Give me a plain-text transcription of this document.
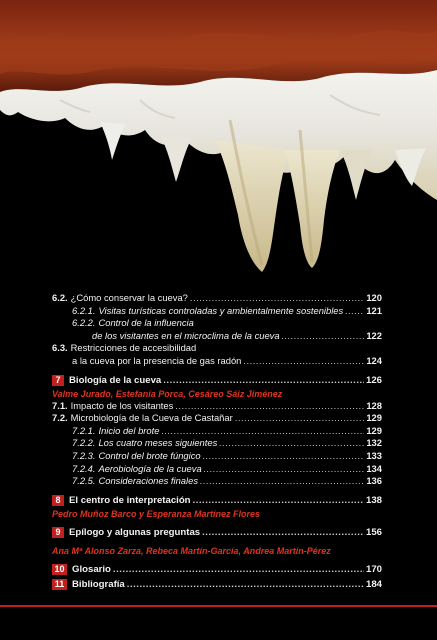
6.2. ¿Cómo conservar la cueva? .....	120
6.2.1. Visitas turísticas controladas y ambientalmente sostenibles ..... 121
6.2.2. Control de la influencia
de los visitantes en el microclima de la cueva .....	122
6.3. Restricciones de accesibilidad
a la cueva por la presencia de gas radón .....	124
7 Biología de la cueva .....	126
Valme Jurado, Estefanía Porca, Cesáreo Sáiz Jiménez
7.1. Impacto de los visitantes .....	128
7.2. Microbiología de la Cueva de Castañar .....	129
7.2.1. Inicio del brote .....	129
7.2.2. Los cuatro meses siguientes .....	132
7.2.3. Control del brote fúngico .....	133
7.2.4. Aerobiología de la cueva .....	134
7.2.5. Consideraciones finales .....	136
8 El centro de interpretación .....	138
Pedro Muñoz Barco y Esperanza Martínez Flores
9 Epílogo y algunas preguntas .....	156
Ana Mª Alonso Zarza, Rebeca Martín-García, Andrea Martín-Pérez
10 Glosario .....	170
11 Bibliografía .....	184
